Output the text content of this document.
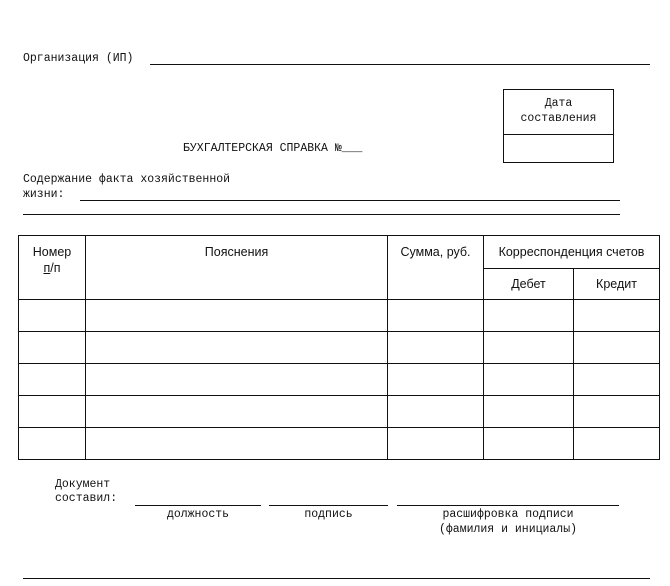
Организация (ИП)
Дата
составления
БУХГАЛТЕРСКАЯ СПРАВКА №___
Содержание факта хозяйственной
жизни:
Номер
п/п	Пояснения	Сумма, руб.	Корреспонденция счетов	
			Дебет	Кредит

Документ
составил:
должность	подпись	расшифровка подписи
(фамилия и инициалы)
